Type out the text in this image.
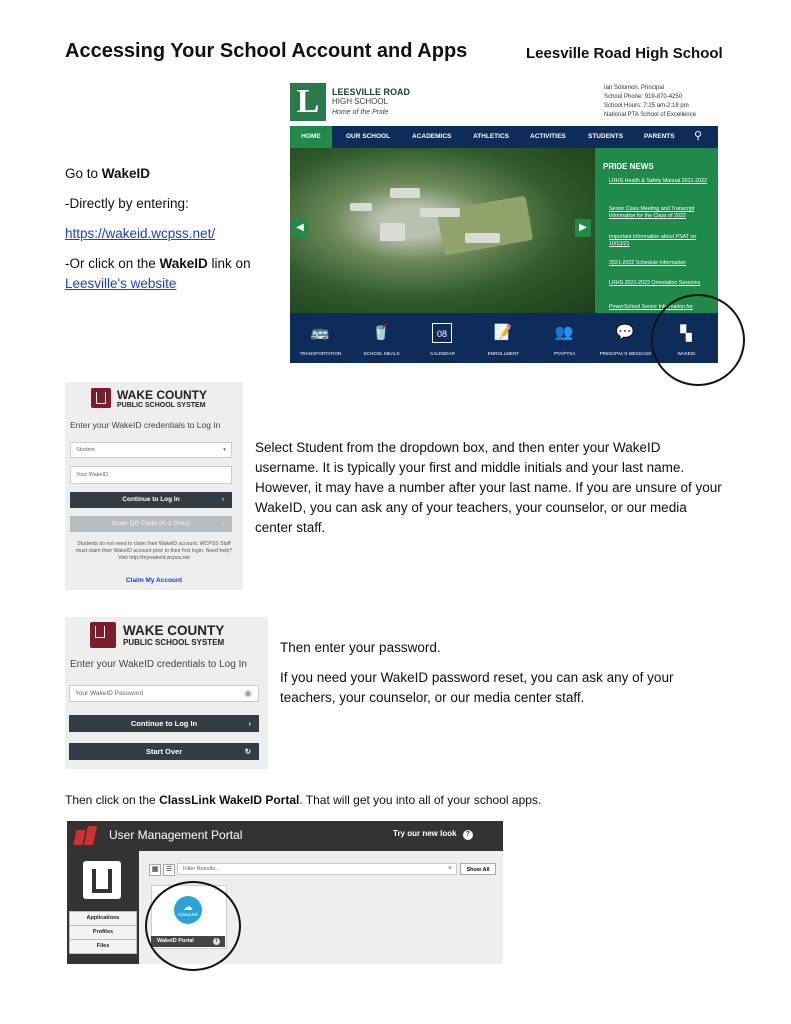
Accessing Your School Account and Apps	Leesville Road High School
Go to WakeID
-Directly by entering:
https://wakeid.wcpss.net/
-Or click on the WakeID link on
Leesville's website
L	LEESVILLE ROAD
HIGH SCHOOL
Home of the Pride
Ian Solomon, Principal
School Phone: 919-870-4250
School Hours: 7:25 am-2:18 pm
National PTA School of Excellence
HOME	OUR SCHOOL	ACADEMICS	ATHLETICS	ACTIVITIES	STUDENTS	PARENTS ⚲
◀	▶
PRIDE NEWS
LRHS Health & Safety Manual 2021-2022
Senior Class Meeting and Transcript Information for the Class of 2022
Important Information about PSAT on 10/13/21
2021-2022 Schedule Information
LRHS 2021-2022 Orientation Sessions
PowerSchool Senior Information for
🚌
TRANSPORTATION
🥤
SCHOOL MEALS
08
CALENDAR
📝
ENROLLMENT
👥
PTA/PTSA
💬
PRINCIPAL'S MESSAGE
▚
WAKEID
WAKE COUNTY
PUBLIC SCHOOL SYSTEM
Enter your WakeID credentials to Log In
Student	▾
Your WakeID
Continue to Log In	›
Scan QR Code (K-2 Only)	›
Students do not need to claim their WakeID account. WCPSS Staff must claim their WakeID account prior to their first login. Need help? Visit http://mywakeid.wcpss.net
Claim My Account
Select Student from the dropdown box, and then enter your WakeID username. It is typically your first and middle initials and your last name. However, it may have a number after your last name. If you are unsure of your WakeID, you can ask any of your teachers, your counselor, or our media center staff.
WAKE COUNTY
PUBLIC SCHOOL SYSTEM
Enter your WakeID credentials to Log In
Your WakeID Password	◉
Continue to Log In	›
Start Over	↻
Then enter your password.
If you need your WakeID password reset, you can ask any of your teachers, your counselor, or our media center staff.
Then click on the ClassLink WakeID Portal. That will get you into all of your school apps.
User Management Portal	Try our new look ?
Applications
Profiles
Files
▦	☰	Filter Results...	×	Show All
☁
ClassLink
WakeID Portal	i
